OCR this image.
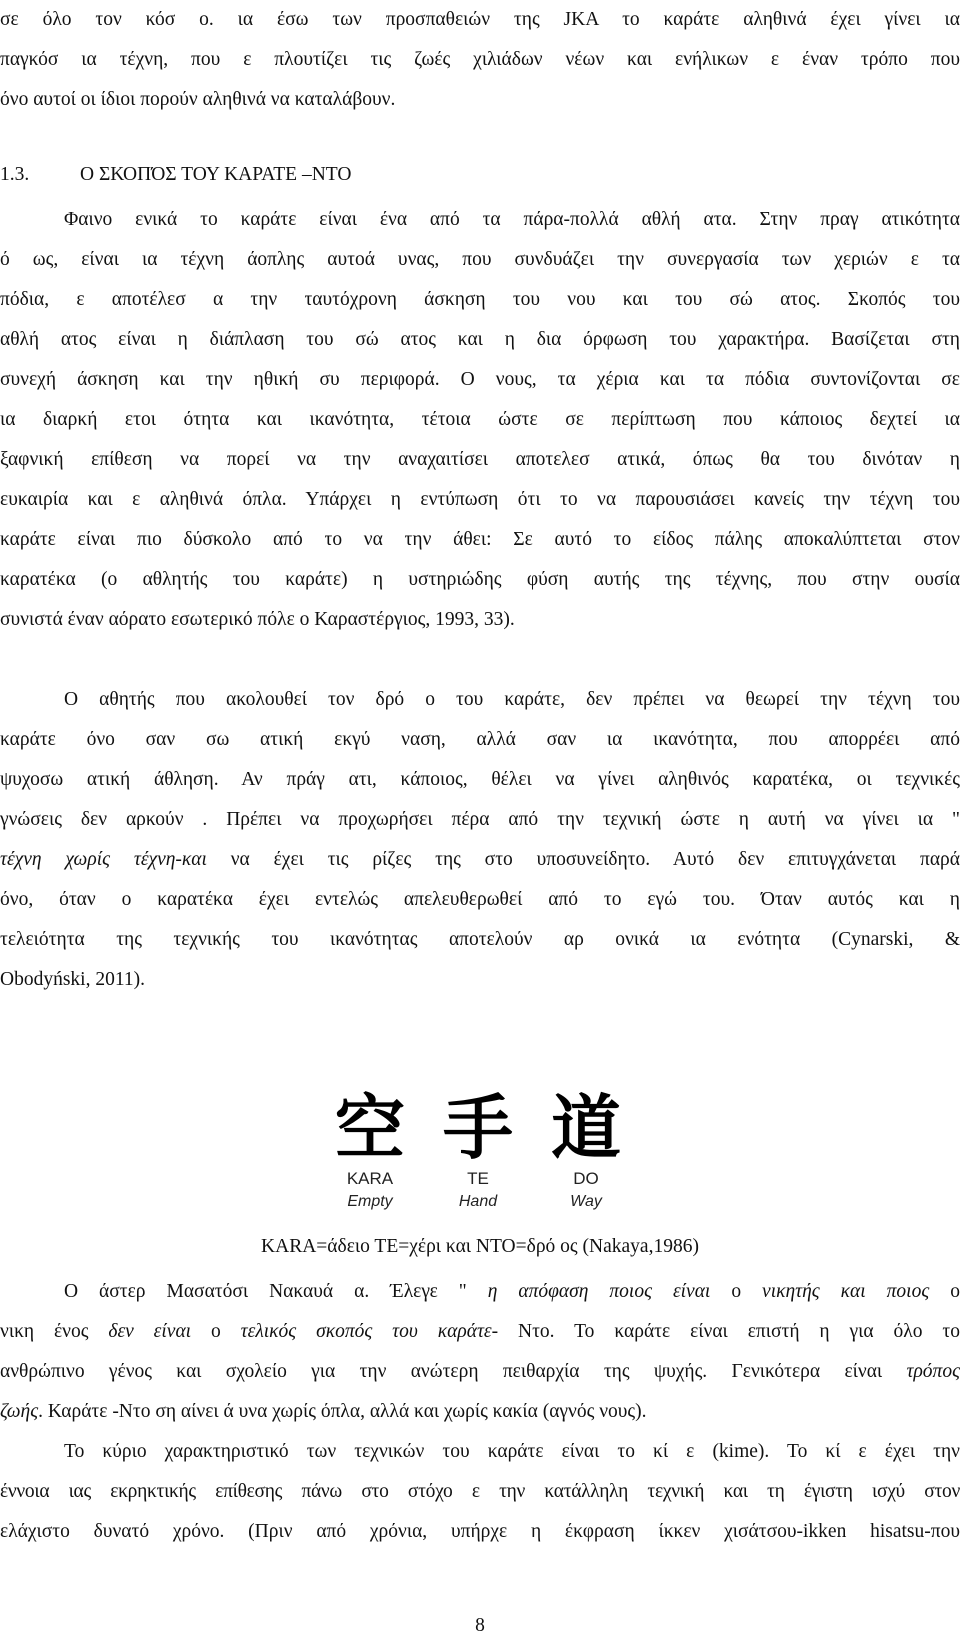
σε όλο τον κόσ ο. ια έσω των προσπαθειών της JKA το καράτε αληθινά έχει γίνει ια
παγκόσ ια τέχνη, που ε πλουτίζει τις ζωές χιλιάδων νέων και ενήλικων ε έναν τρόπο που
όνο αυτοί οι ίδιοι πορούν αληθινά να καταλάβουν.
1.3.	Ο ΣΚΟΠΌΣ ΤΟΥ ΚΑΡΑΤΕ –ΝΤΟ
Φαινο ενικά το καράτε είναι ένα από τα πάρα-πολλά αθλή ατα. Στην πραγ ατικότητα
ό ως, είναι ια τέχνη άοπλης αυτοά υνας, που συνδυάζει την συνεργασία των χεριών ε τα
πόδια, ε αποτέλεσ α την ταυτόχρονη άσκηση του νου και του σώ ατος. Σκοπός του
αθλή ατος είναι η διάπλαση του σώ ατος και η δια όρφωση του χαρακτήρα. Βασίζεται στη
συνεχή άσκηση και την ηθική συ περιφορά. Ο νους, τα χέρια και τα πόδια συντονίζονται σε
ια διαρκή ετοι ότητα και ικανότητα, τέτοια ώστε σε περίπτωση που κάποιος δεχτεί ια
ξαφνική επίθεση να πορεί να την αναχαιτίσει αποτελεσ ατικά, όπως θα του δινόταν η
ευκαιρία και ε αληθινά όπλα. Υπάρχει η εντύπωση ότι το να παρουσιάσει κανείς την τέχνη του
καράτε είναι πιο δύσκολο από το να την άθει: Σε αυτό το είδος πάλης αποκαλύπτεται στον
καρατέκα (ο αθλητής του καράτε) η υστηριώδης φύση αυτής της τέχνης, που στην ουσία
συνιστά έναν αόρατο εσωτερικό πόλε ο Καραστέργιος, 1993, 33).
Ο αθητής που ακολουθεί τον δρό ο του καράτε, δεν πρέπει να θεωρεί την τέχνη του
καράτε όνο σαν σω ατική εκγύ ναση, αλλά σαν ια ικανότητα, που απορρέει από
ψυχοσω ατική άθληση. Αν πράγ ατι, κάποιος, θέλει να γίνει αληθινός καρατέκα, οι τεχνικές
γνώσεις δεν αρκούν . Πρέπει να προχωρήσει πέρα από την τεχνική ώστε η αυτή να γίνει ια "
τέχνη χωρίς τέχνη-και να έχει τις ρίζες της στο υποσυνείδητο. Αυτό δεν επιτυγχάνεται παρά
όνο, όταν ο καρατέκα έχει εντελώς απελευθερωθεί από το εγώ του. Όταν αυτός και η
τελειότητα της τεχνικής του ικανότητας αποτελούν αρ ονικά ια ενότητα (Cynarski, &
Obodyński, 2011).
空 手 道
KARA	TE	DO
Empty	Hand	Way
KARA=άδειο ΤΕ=χέρι και ΝΤΟ=δρό ος (Nakaya,1986)
Ο άστερ Μασατόσι Νακαυά α. Έλεγε " η απόφαση ποιος είναι ο νικητής και ποιος ο
νικη ένος δεν είναι ο τελικός σκοπός του καράτε- Ντο. Το καράτε είναι επιστή η για όλο το
ανθρώπινο γένος και σχολείο για την ανώτερη πειθαρχία της ψυχής. Γενικότερα είναι τρόπος
ζωής. Καράτε -Ντο ση αίνει ά υνα χωρίς όπλα, αλλά και χωρίς κακία (αγνός νους).
Το κύριο χαρακτηριστικό των τεχνικών του καράτε είναι το κί ε (kime). Το κί ε έχει την
έννοια ιας εκρηκτικής επίθεσης πάνω στο στόχο ε την κατάλληλη τεχνική και τη έγιστη ισχύ στον
ελάχιστο δυνατό χρόνο. (Πριν από χρόνια, υπήρχε η έκφραση ίκκεν χισάτσου-ikken hisatsu-που
8
